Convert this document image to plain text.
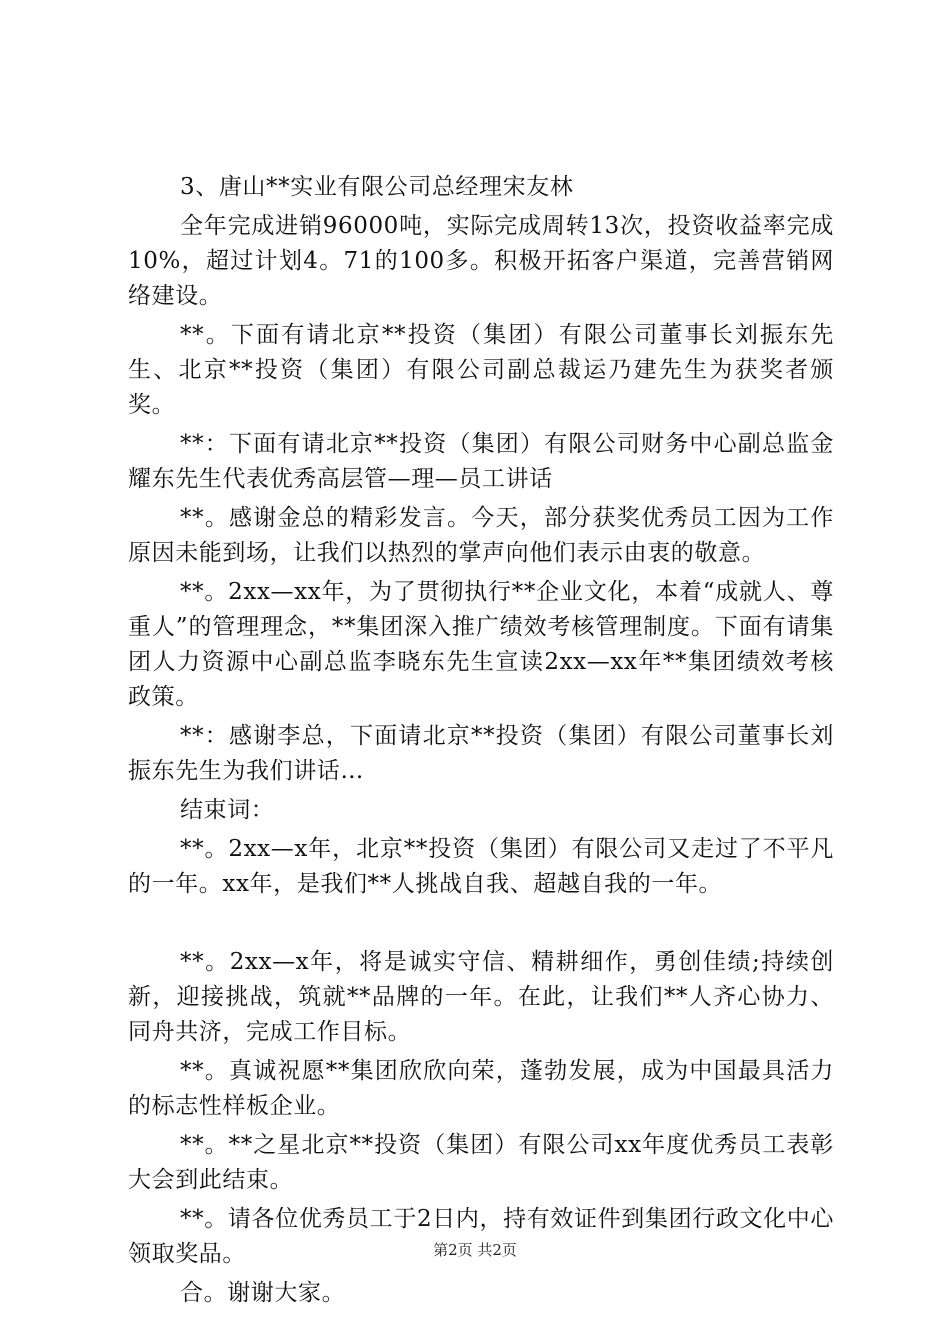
3、唐山**实业有限公司总经理宋友林

全年完成进销96000吨，实际完成周转13次，投资收益率完成10%，超过计划4。71的100多。积极开拓客户渠道，完善营销网络建设。

**。下面有请北京**投资（集团）有限公司董事长刘振东先生、北京**投资（集团）有限公司副总裁运乃建先生为获奖者颁奖。

**：下面有请北京**投资（集团）有限公司财务中心副总监金耀东先生代表优秀高层管—理—员工讲话

**。感谢金总的精彩发言。今天，部分获奖优秀员工因为工作原因未能到场，让我们以热烈的掌声向他们表示由衷的敬意。

**。2xx—xx年，为了贯彻执行**企业文化，本着“成就人、尊重人”的管理理念，**集团深入推广绩效考核管理制度。下面有请集团人力资源中心副总监李晓东先生宣读2xx—xx年**集团绩效考核政策。

**：感谢李总，下面请北京**投资（集团）有限公司董事长刘振东先生为我们讲话…

结束词：

**。2xx—x年，北京**投资（集团）有限公司又走过了不平凡的一年。xx年，是我们**人挑战自我、超越自我的一年。

**。2xx—x年，将是诚实守信、精耕细作，勇创佳绩;持续创新，迎接挑战，筑就**品牌的一年。在此，让我们**人齐心协力、同舟共济，完成工作目标。

**。真诚祝愿**集团欣欣向荣，蓬勃发展，成为中国最具活力的标志性样板企业。

**。**之星北京**投资（集团）有限公司xx年度优秀员工表彰大会到此结束。

**。请各位优秀员工于2日内，持有效证件到集团行政文化中心领取奖品。

合。谢谢大家。

第2页 共2页
